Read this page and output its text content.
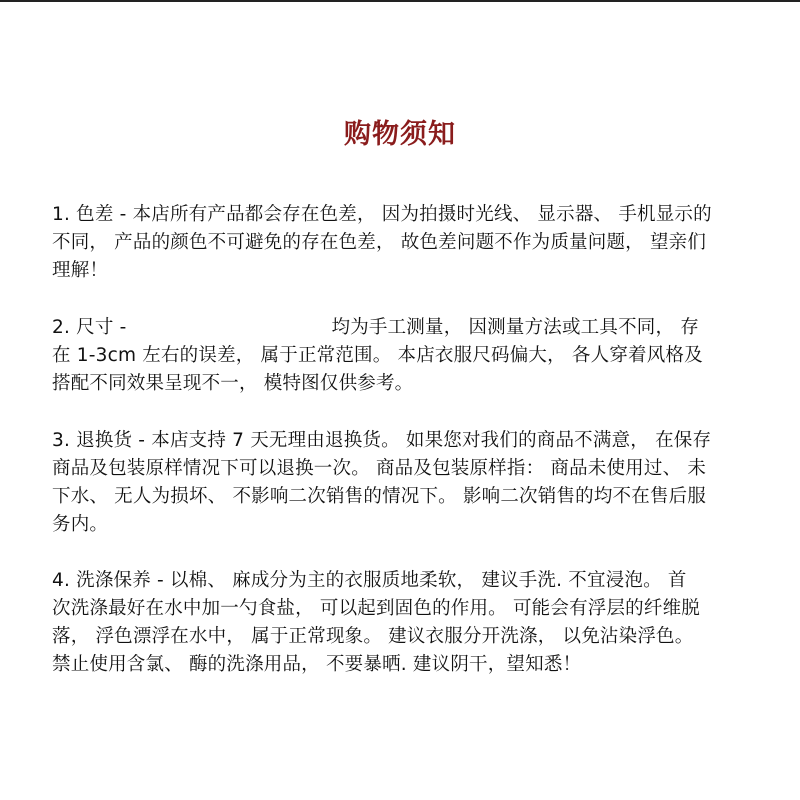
购物须知
1. 色差 - 本店所有产品都会存在色差， 因为拍摄时光线、 显示器、 手机显示的
不同， 产品的颜色不可避免的存在色差， 故色差问题不作为质量问题， 望亲们
理解！
2. 尺寸 -	均为手工测量， 因测量方法或工具不同， 存
在 1-3cm 左右的误差， 属于正常范围。 本店衣服尺码偏大， 各人穿着风格及
搭配不同效果呈现不一， 模特图仅供参考。
3. 退换货 - 本店支持 7 天无理由退换货。 如果您对我们的商品不满意， 在保存
商品及包装原样情况下可以退换一次。 商品及包装原样指： 商品未使用过、 未
下水、 无人为损坏、 不影响二次销售的情况下。 影响二次销售的均不在售后服
务内。
4. 洗涤保养 - 以棉、 麻成分为主的衣服质地柔软， 建议手洗. 不宜浸泡。 首
次洗涤最好在水中加一勺食盐， 可以起到固色的作用。 可能会有浮层的纤维脱
落， 浮色漂浮在水中， 属于正常现象。 建议衣服分开洗涤， 以免沾染浮色。
禁止使用含氯、 酶的洗涤用品， 不要暴晒. 建议阴干，望知悉！
